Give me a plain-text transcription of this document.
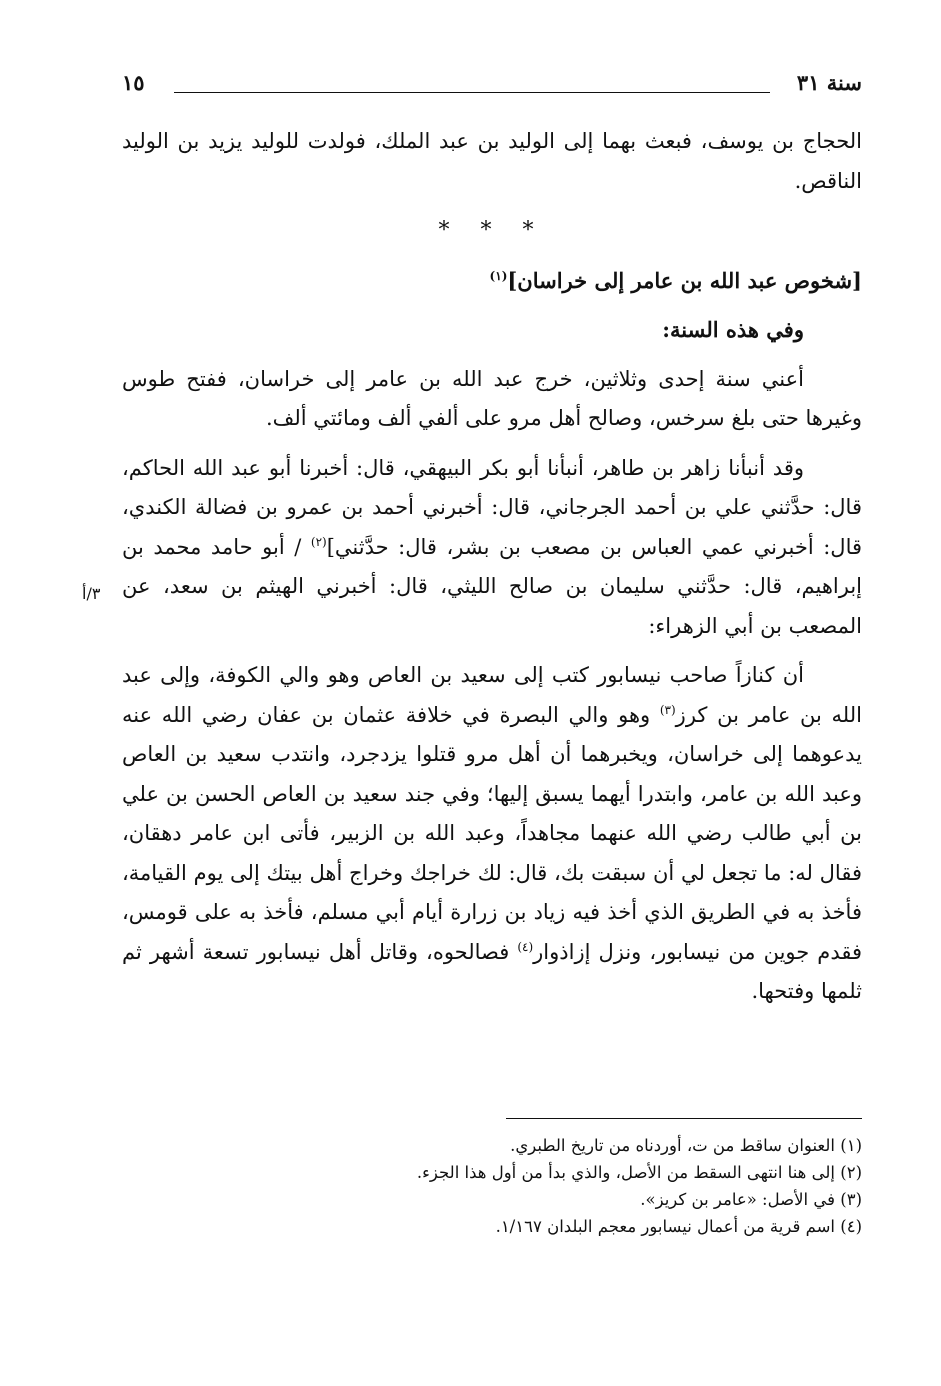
سنة ٣١
١٥

الحجاج بن يوسف، فبعث بهما إلى الوليد بن عبد الملك، فولدت للوليد يزيد بن الوليد الناقص.

* * *

[شخوص عبد الله بن عامر إلى خراسان]$^{(١)}$

وفي هذه السنة:

أعني سنة إحدى وثلاثين، خرج عبد الله بن عامر إلى خراسان، ففتح طوس وغيرها حتى بلغ سرخس، وصالح أهل مرو على ألفي ألف ومائتي ألف.

وقد أنبأنا زاهر بن طاهر، أنبأنا أبو بكر البيهقي، قال: أخبرنا أبو عبد الله الحاكم، قال: حدَّثني علي بن أحمد الجرجاني، قال: أخبرني أحمد بن عمرو بن فضالة الكندي، قال: أخبرني عمي العباس بن مصعب بن بشر، قال: حدَّثني]$^{(٢)}$ / أبو حامد محمد بن إبراهيم، قال: حدَّثني سليمان بن صالح الليثي، قال: أخبرني الهيثم بن سعد، عن المصعب بن أبي الزهراء:

أن كنازاً صاحب نيسابور كتب إلى سعيد بن العاص وهو والي الكوفة، وإلى عبد الله بن عامر بن كرز$^{(٣)}$ وهو والي البصرة في خلافة عثمان بن عفان رضي الله عنه يدعوهما إلى خراسان، ويخبرهما أن أهل مرو قتلوا يزدجرد، وانتدب سعيد بن العاص وعبد الله بن عامر، وابتدرا أيهما يسبق إليها؛ وفي جند سعيد بن العاص الحسن بن علي بن أبي طالب رضي الله عنهما مجاهداً، وعبد الله بن الزبير، فأتى ابن عامر دهقان، فقال له: ما تجعل لي أن سبقت بك، قال: لك خراجك وخراج أهل بيتك إلى يوم القيامة، فأخذ به في الطريق الذي أخذ فيه زياد بن زرارة أيام أبي مسلم، فأخذ به على قومس، فقدم جوين من نيسابور، ونزل إزاذوار$^{(٤)}$ فصالحوه، وقاتل أهل نيسابور تسعة أشهر ثم ثلمها وفتحها.

٣/أ
(١) العنوان ساقط من ت، أوردناه من تاريخ الطبري.
(٢) إلى هنا انتهى السقط من الأصل، والذي بدأ من أول هذا الجزء.
(٣) في الأصل: «عامر بن كريز».
(٤) اسم قرية من أعمال نيسابور معجم البلدان ١/١٦٧.
